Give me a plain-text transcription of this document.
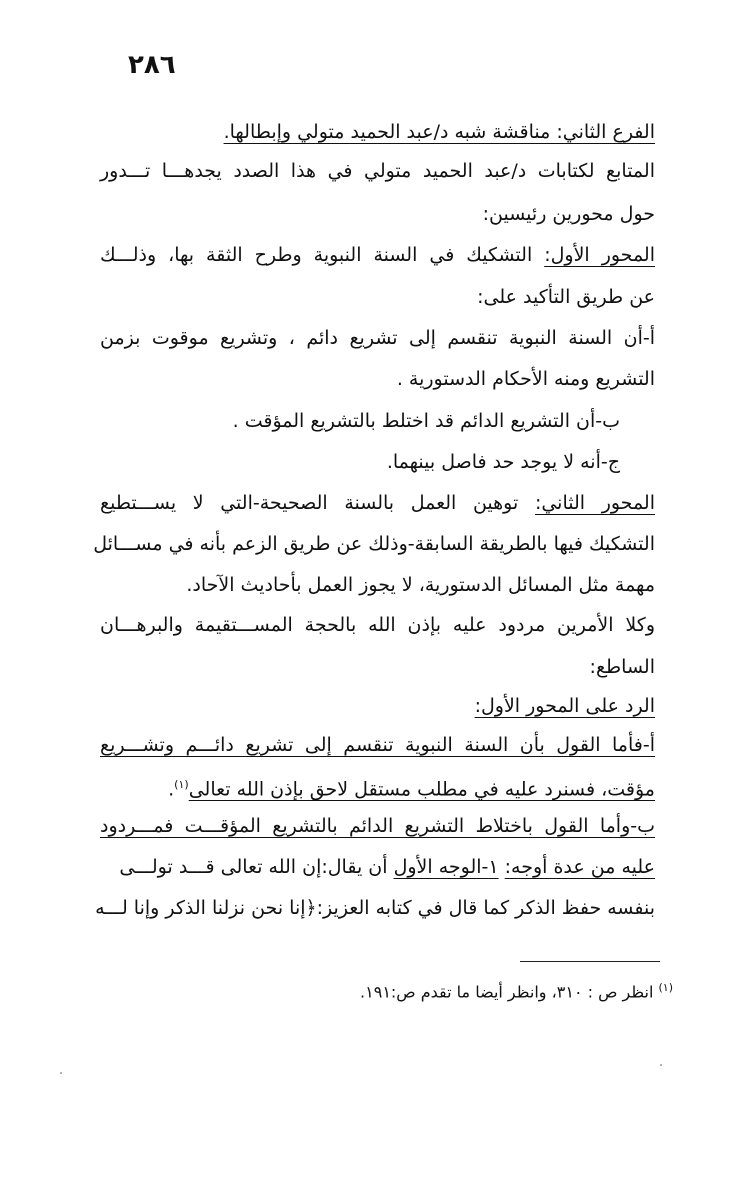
٢٨٦
الفرع الثاني: مناقشة شبه د/عبد الحميد متولي وإبطالها.
المتابع لكتابات د/عبد الحميد متولي في هذا الصدد يجدهـــا تـــدور
حول محورين رئيسين:
المحور الأول: التشكيك في السنة النبوية وطرح الثقة بها، وذلـــك
عن طريق التأكيد على:
أ-أن السنة النبوية تنقسم إلى تشريع دائم ، وتشريع موقوت بزمن
التشريع ومنه الأحكام الدستورية .
ب-أن التشريع الدائم قد اختلط بالتشريع المؤقت .
ج-أنه لا يوجد حد فاصل بينهما.
المحور الثاني: توهين العمل بالسنة الصحيحة-التي لا يســـتطيع
التشكيك فيها بالطريقة السابقة-وذلك عن طريق الزعم بأنه في مســـائل
مهمة مثل المسائل الدستورية، لا يجوز العمل بأحاديث الآحاد.
وكلا الأمرين مردود عليه بإذن الله بالحجة المســـتقيمة والبرهـــان
الساطع:
الرد على المحور الأول:
أ-فأما القول بأن السنة النبوية تنقسم إلى تشريع دائـــم وتشـــريع
مؤقت، فسنرد عليه في مطلب مستقل لاحق بإذن الله تعالى$^{(١)}$.
ب-وأما القول باختلاط التشريع الدائم بالتشريع المؤقـــت فمـــردود
عليه من عدة أوجه: ١-الوجه الأول أن يقال:إن الله تعالى قـــد تولـــى
بنفسه حفظ الذكر كما قال في كتابه العزيز:﴿إنا نحن نزلنا الذكر وإنا لـــه
$^{(١)}$ انظر ص : ٣١٠، وانظر أيضا ما تقدم ص:١٩١.
